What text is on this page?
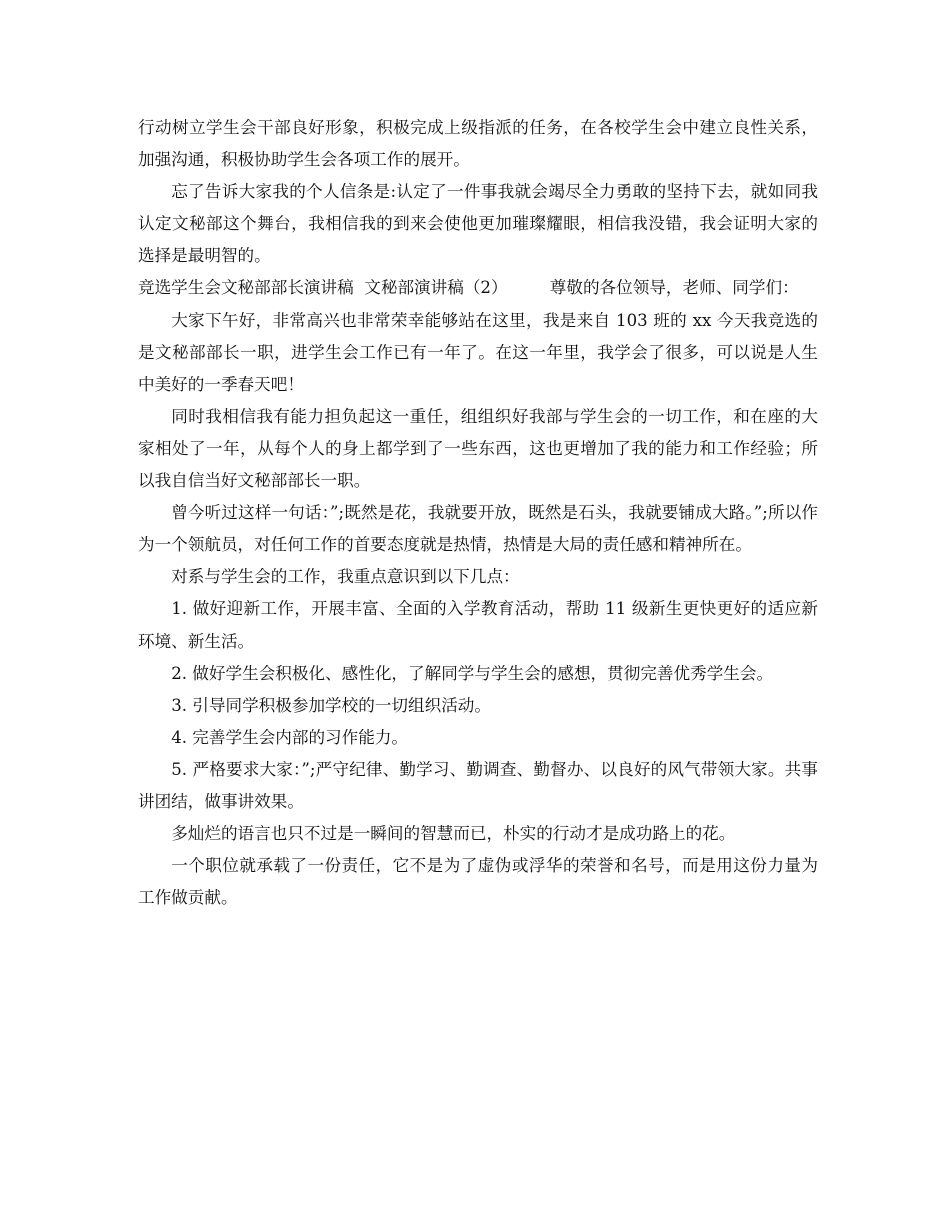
行动树立学生会干部良好形象，积极完成上级指派的任务，在各校学生会中建立良性关系，加强沟通，积极协助学生会各项工作的展开。

忘了告诉大家我的个人信条是:认定了一件事我就会竭尽全力勇敢的坚持下去，就如同我认定文秘部这个舞台，我相信我的到来会使他更加璀璨耀眼，相信我没错，我会证明大家的选择是最明智的。

竞选学生会文秘部部长演讲稿  文秘部演讲稿（2）        尊敬的各位领导，老师、同学们：

大家下午好，非常高兴也非常荣幸能够站在这里，我是来自 103 班的 xx 今天我竞选的是文秘部部长一职，进学生会工作已有一年了。在这一年里，我学会了很多，可以说是人生中美好的一季春天吧！

同时我相信我有能力担负起这一重任，组组织好我部与学生会的一切工作，和在座的大家相处了一年，从每个人的身上都学到了一些东西，这也更增加了我的能力和工作经验；所以我自信当好文秘部部长一职。

曾今听过这样一句话：”;既然是花，我就要开放，既然是石头，我就要铺成大路。”;所以作为一个领航员，对任何工作的首要态度就是热情，热情是大局的责任感和精神所在。

对系与学生会的工作，我重点意识到以下几点：

1. 做好迎新工作，开展丰富、全面的入学教育活动，帮助 11 级新生更快更好的适应新环境、新生活。

2. 做好学生会积极化、感性化，了解同学与学生会的感想，贯彻完善优秀学生会。

3. 引导同学积极参加学校的一切组织活动。

4. 完善学生会内部的习作能力。

5. 严格要求大家：”;严守纪律、勤学习、勤调查、勤督办、以良好的风气带领大家。共事讲团结，做事讲效果。

多灿烂的语言也只不过是一瞬间的智慧而已，朴实的行动才是成功路上的花。

一个职位就承载了一份责任，它不是为了虚伪或浮华的荣誉和名号，而是用这份力量为工作做贡献。
